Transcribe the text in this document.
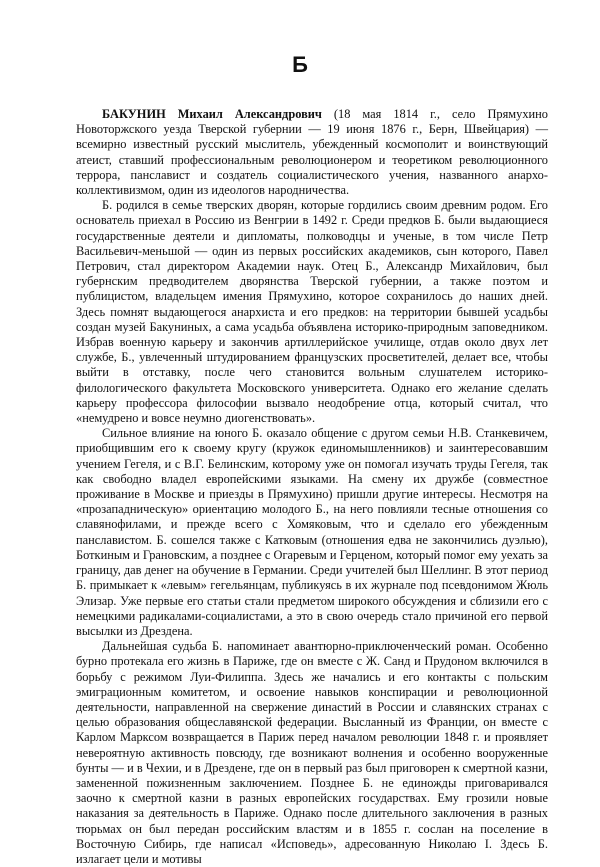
Б

БАКУНИН Михаил Александрович (18 мая 1814 г., село Прямухино Новоторжского уезда Тверской губернии — 19 июня 1876 г., Берн, Швейцария) — всемирно известный русский мыслитель, убежденный космополит и воинствующий атеист, ставший профессиональным революционером и теоретиком революционного террора, панславист и создатель социалистического учения, названного анархо-коллективизмом, один из идеологов народничества.

Б. родился в семье тверских дворян, которые гордились своим древним родом. Его основатель приехал в Россию из Венгрии в 1492 г. Среди предков Б. были выдающиеся государственные деятели и дипломаты, полководцы и ученые, в том числе Петр Васильевич-меньшой — один из первых российских академиков, сын которого, Павел Петрович, стал директором Академии наук. Отец Б., Александр Михайлович, был губернским предводителем дворянства Тверской губернии, а также поэтом и публицистом, владельцем имения Прямухино, которое сохранилось до наших дней. Здесь помнят выдающегося анархиста и его предков: на территории бывшей усадьбы создан музей Бакуниных, а сама усадьба объявлена историко-природным заповедником. Избрав военную карьеру и закончив артиллерийское училище, отдав около двух лет службе, Б., увлеченный штудированием французских просветителей, делает все, чтобы выйти в отставку, после чего становится вольным слушателем историко-филологического факультета Московского университета. Однако его желание сделать карьеру профессора философии вызвало неодобрение отца, который считал, что «немудрено и вовсе неумно диогенствовать».

Сильное влияние на юного Б. оказало общение с другом семьи Н.В. Станкевичем, приобщившим его к своему кругу (кружок единомышленников) и заинтересовавшим учением Гегеля, и с В.Г. Белинским, которому уже он помогал изучать труды Гегеля, так как свободно владел европейскими языками. На смену их дружбе (совместное проживание в Москве и приезды в Прямухино) пришли другие интересы. Несмотря на «прозападническую» ориентацию молодого Б., на него повлияли тесные отношения со славянофилами, и прежде всего с Хомяковым, что и сделало его убежденным панславистом. Б. сошелся также с Катковым (отношения едва не закончились дуэлью), Боткиным и Грановским, а позднее с Огаревым и Герценом, который помог ему уехать за границу, дав денег на обучение в Германии. Среди учителей был Шеллинг. В этот период Б. примыкает к «левым» гегельянцам, публикуясь в их журнале под псевдонимом Жюль Элизар. Уже первые его статьи стали предметом широкого обсуждения и сблизили его с немецкими радикалами-социалистами, а это в свою очередь стало причиной его первой высылки из Дрездена.

Дальнейшая судьба Б. напоминает авантюрно-приключенческий роман. Особенно бурно протекала его жизнь в Париже, где он вместе с Ж. Санд и Прудоном включился в борьбу с режимом Луи-Филиппа. Здесь же начались и его контакты с польским эмиграционным комитетом, и освоение навыков конспирации и революционной деятельности, направленной на свержение династий в России и славянских странах с целью образования общеславянской федерации. Высланный из Франции, он вместе с Карлом Марксом возвращается в Париж перед началом революции 1848 г. и проявляет невероятную активность повсюду, где возникают волнения и особенно вооруженные бунты — и в Чехии, и в Дрездене, где он в первый раз был приговорен к смертной казни, замененной пожизненным заключением. Позднее Б. не единожды приговаривался заочно к смертной казни в разных европейских государствах. Ему грозили новые наказания за деятельность в Париже. Однако после длительного заключения в разных тюрьмах он был передан российским властям и в 1855 г. сослан на поселение в Восточную Сибирь, где написал «Исповедь», адресованную Николаю I. Здесь Б. излагает цели и мотивы
